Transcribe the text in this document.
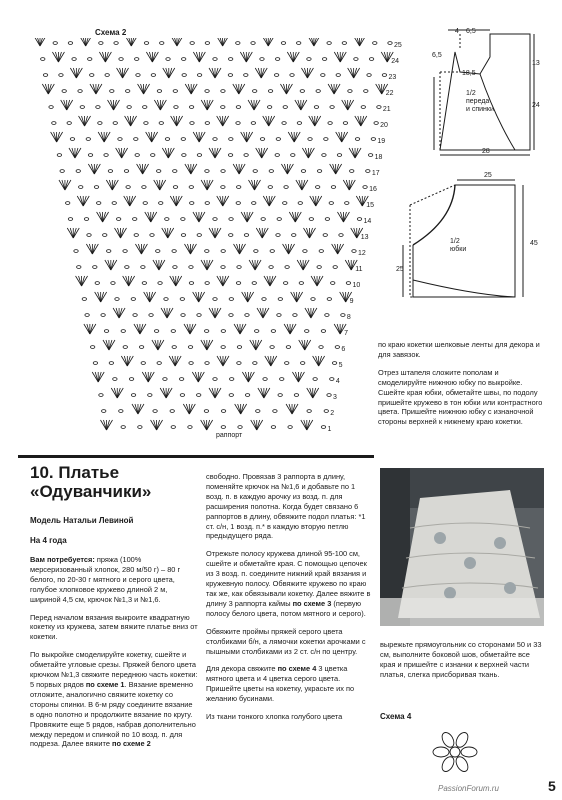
Схема 2
25
24
23
22
21
20
19
18
17
16
15
14
13
12
11
10
9
8
7
6
5
4
3
2
1
раппорт
4 6,5
6,5
13
18,5
24
28
1/2
переда
и спинки
25
45
25
1/2
юбки

по краю кокетки шелковые ленты для декора и для завязок.

Отрез штапеля сложите пополам и смоделируйте нижнюю юбку по выкройке. Сшейте края юбки, обметайте швы, по подолу пришейте кружево в тон юбки или контрастного цвета. Пришейте нижнюю юбку с изнаночной стороны верхней к нижнему краю кокетки.

10. Платье «Одуванчики»
Модель Натальи Левиной
На 4 года

Вам потребуется: пряжа (100% мерсеризованный хлопок, 280 м/50 г) – 80 г белого, по 20-30 г мятного и серого цвета, голубое хлопковое кружево длиной 2 м, шириной 4,5 см, крючок №1,3 и №1,6.

Перед началом вязания выкроите квадратную кокетку из кружева, затем вяжите платье вниз от кокетки.

По выкройке смоделируйте кокетку, сшейте и обметайте угловые срезы. Пряжей белого цвета крючком №1,3 свяжите переднюю часть кокетки: 5 порвых рядов по схеме 1. Вязание временно отложите, аналогично свяжите кокетку со стороны спинки. В 6-м ряду соедините вязание в одно полотно и продолжите вязание по кругу. Провяжите еще 5 рядов, набрав дополнительно между передом и спинкой по 10 возд. п. для подреза. Далее вяжите по схеме 2

свободно. Провязав 3 раппорта в длину, поменяйте крючок на №1,6 и добавьте по 1 возд. п. в каждую арочку из возд. п. для расширения полотна. Когда будет связано 6 раппортов в длину, обвяжите подол платья: *1 ст. с/н, 1 возд. п.* в каждую вторую петлю предыдущего ряда.

Отрежьте полосу кружева длиной 95-100 см, сшейте и обметайте края. С помощью цепочек из 3 возд. п. соедините нижний край вязания и кружевную полосу. Обвяжите кружево по краю так же, как обвязывали кокетку. Далее вяжите в длину 3 раппорта каймы по схеме 3 (первую полосу белого цвета, потом мятного и серого).

Обвяжите проймы пряжей серого цвета столбиками б/н, а лямочки кокетки арочками с пышными столбиками из 2 ст. с/н по центру.

Для декора свяжите по схеме 4 3 цветка мятного цвета и 4 цветка серого цвета. Пришейте цветы на кокетку, украсьте их по желанию бусинами.

Из ткани тонкого хлопка голубого цвета

вырежьте прямоугольник со сторонами 50 и 33 см, выполните боковой шов, обметайте все края и пришейте с изнанки к верхней части платья, слегка присборивая ткань.

Схема 4
PassionForum.ru	5
